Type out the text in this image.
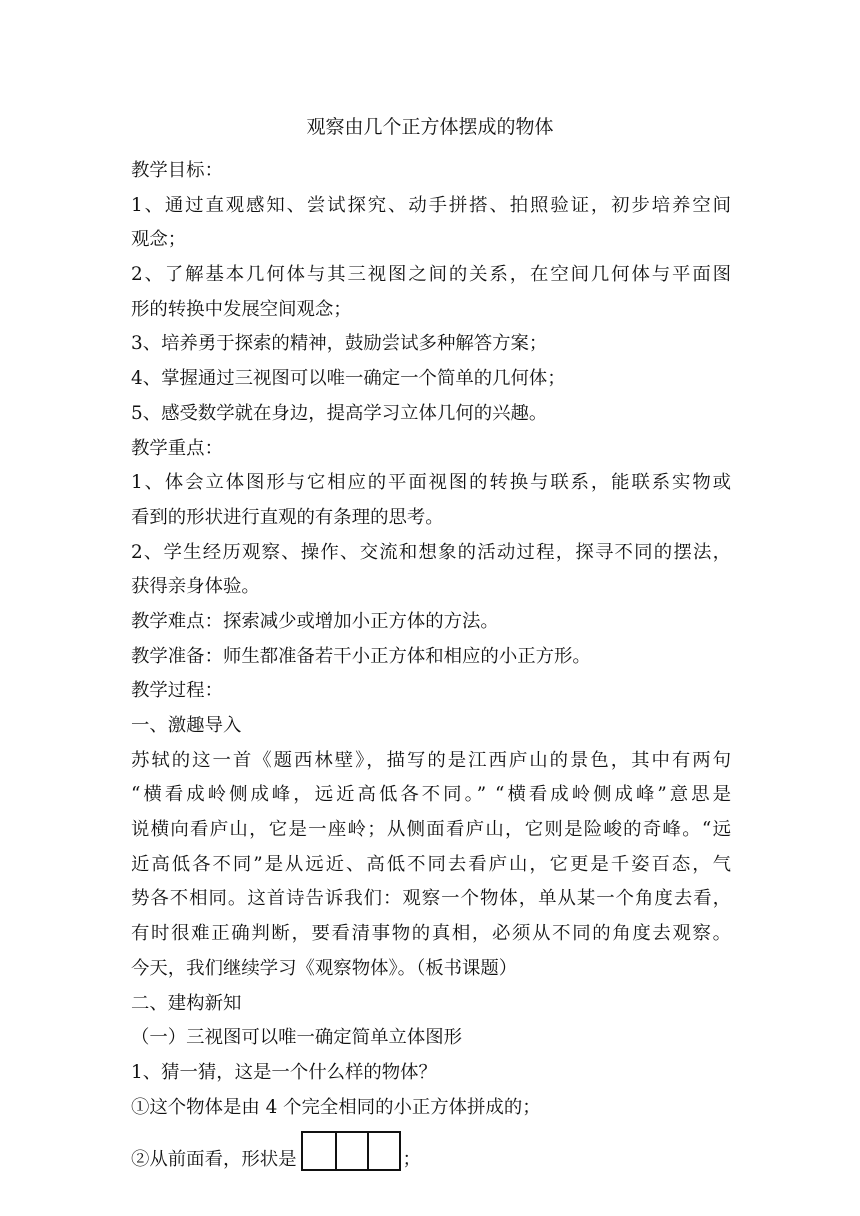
观察由几个正方体摆成的物体
教学目标：
1、通过直观感知、尝试探究、动手拼搭、拍照验证，初步培养空间
观念；
2、了解基本几何体与其三视图之间的关系，在空间几何体与平面图
形的转换中发展空间观念；
3、培养勇于探索的精神，鼓励尝试多种解答方案；
4、掌握通过三视图可以唯一确定一个简单的几何体；
5、感受数学就在身边，提高学习立体几何的兴趣。
教学重点：
1、体会立体图形与它相应的平面视图的转换与联系，能联系实物或
看到的形状进行直观的有条理的思考。
2、学生经历观察、操作、交流和想象的活动过程，探寻不同的摆法，
获得亲身体验。
教学难点：探索减少或增加小正方体的方法。
教学准备：师生都准备若干小正方体和相应的小正方形。
教学过程：
一、激趣导入
苏轼的这一首《题西林壁》，描写的是江西庐山的景色，其中有两句
“横看成岭侧成峰，远近高低各不同。” “横看成岭侧成峰”意思是
说横向看庐山，它是一座岭；从侧面看庐山，它则是险峻的奇峰。“远
近高低各不同”是从远近、高低不同去看庐山，它更是千姿百态，气
势各不相同。这首诗告诉我们：观察一个物体，单从某一个角度去看，
有时很难正确判断，要看清事物的真相，必须从不同的角度去观察。
今天，我们继续学习《观察物体》。（板书课题）
二、建构新知
（一）三视图可以唯一确定简单立体图形
1、猜一猜，这是一个什么样的物体？
①这个物体是由 4 个完全相同的小正方体拼成的；
②从前面看，形状是	；
